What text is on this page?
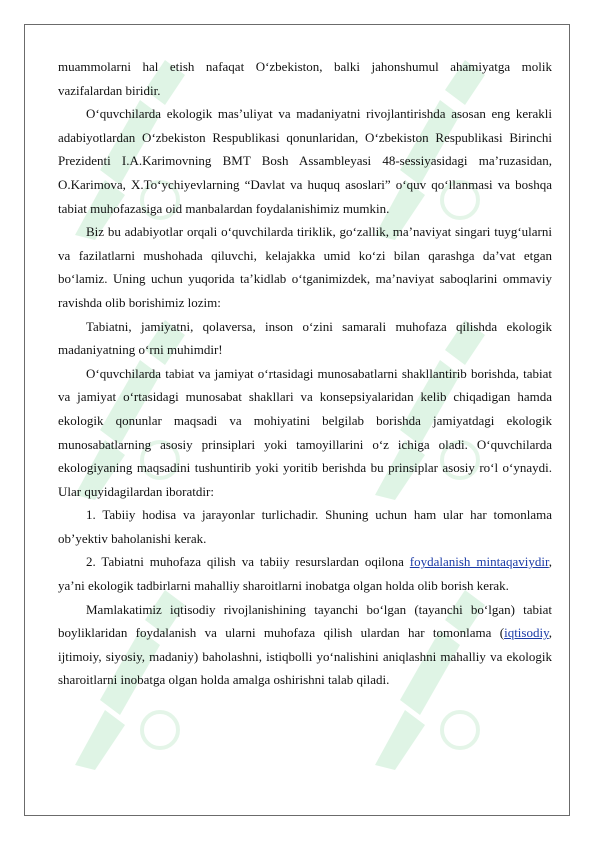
muammolarni hal etish nafaqat O‘zbekiston, balki jahonshumul ahamiyatga molik vazifalardan biridir.

O‘quvchilarda ekologik mas’uliyat va madaniyatni rivojlantirishda asosan eng kerakli adabiyotlardan O‘zbekiston Respublikasi qonunlaridan, O‘zbekiston Respublikasi Birinchi Prezidenti I.A.Karimovning BMT Bosh Assambleyasi 48-sessiyasidagi ma’ruzasidan, O.Karimova, X.To‘ychiyevlarning “Davlat va huquq asoslari” o‘quv qo‘llanmasi va boshqa tabiat muhofazasiga oid manbalardan foydalanishimiz mumkin.

Biz bu adabiyotlar orqali o‘quvchilarda tiriklik, go‘zallik, ma’naviyat singari tuyg‘ularni va fazilatlarni mushohada qiluvchi, kelajakka umid ko‘zi bilan qarashga da’vat etgan bo‘lamiz. Uning uchun yuqorida ta’kidlab o‘tganimizdek, ma’naviyat saboqlarini ommaviy ravishda olib borishimiz lozim:

Tabiatni, jamiyatni, qolaversa, inson o‘zini samarali muhofaza qilishda ekologik madaniyatning o‘rni muhimdir!

O‘quvchilarda tabiat va jamiyat o‘rtasidagi munosabatlarni shakllantirib borishda, tabiat va jamiyat o‘rtasidagi munosabat shakllari va konsepsiyalaridan kelib chiqadigan hamda ekologik qonunlar maqsadi va mohiyatini belgilab borishda jamiyatdagi ekologik munosabatlarning asosiy prinsiplari yoki tamoyillarini o‘z ichiga oladi. O‘quvchilarda ekologiyaning maqsadini tushuntirib yoki yoritib berishda bu prinsiplar asosiy ro‘l o‘ynaydi. Ular quyidagilardan iboratdir:

1. Tabiiy hodisa va jarayonlar turlichadir. Shuning uchun ham ular har tomonlama ob’yektiv baholanishi kerak.

2. Tabiatni muhofaza qilish va tabiiy resurslardan oqilona foydalanish mintaqaviydir, ya’ni ekologik tadbirlarni mahalliy sharoitlarni inobatga olgan holda olib borish kerak.

Mamlakatimiz iqtisodiy rivojlanishining tayanchi bo‘lgan (tayanchi bo‘lgan) tabiat boyliklaridan foydalanish va ularni muhofaza qilish ulardan har tomonlama (iqtisodiy, ijtimoiy, siyosiy, madaniy) baholashni, istiqbolli yo‘nalishini aniqlashni mahalliy va ekologik sharoitlarni inobatga olgan holda amalga oshirishni talab qiladi.
